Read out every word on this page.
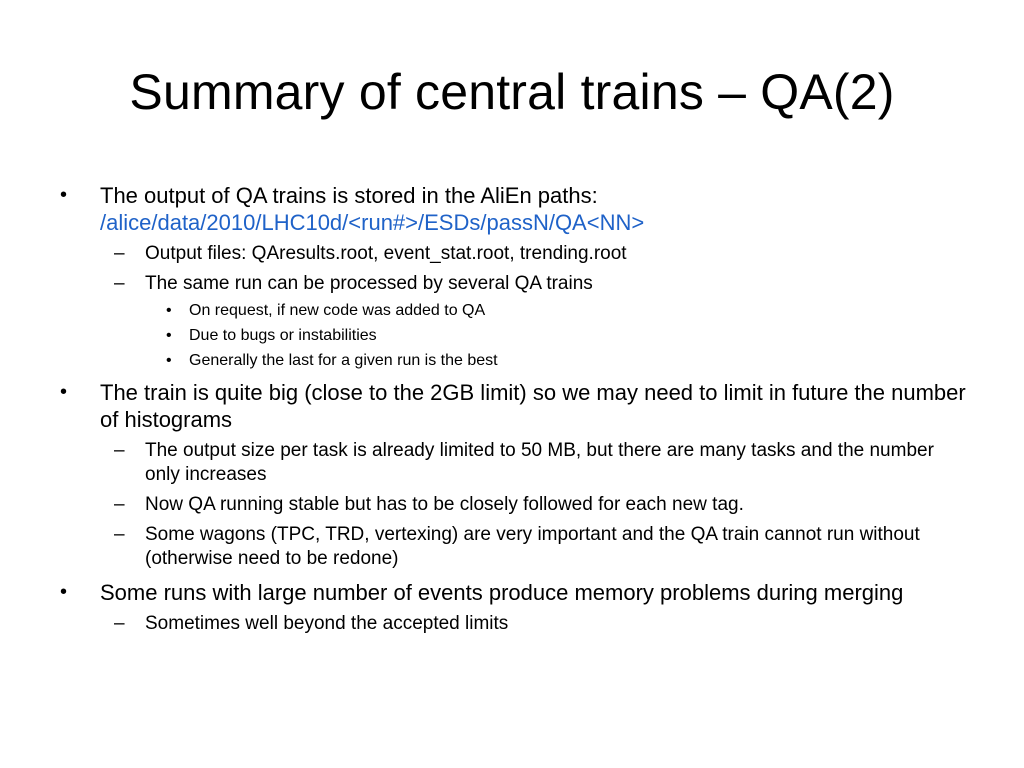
Summary of central trains – QA(2)
• The output of QA trains is stored in the AliEn paths:
/alice/data/2010/LHC10d/<run#>/ESDs/passN/QA<NN>
– Output files: QAresults.root, event_stat.root, trending.root
– The same run can be processed by several QA trains
• On request, if new code was added to QA
• Due to bugs or instabilities
• Generally the last for a given run is the best
• The train is quite big (close to the 2GB limit) so we may need to limit in future the number of histograms
– The output size per task is already limited to 50 MB, but there are many tasks and the number only increases
– Now QA running stable but has to be closely followed for each new tag.
– Some wagons (TPC, TRD, vertexing) are very important and the QA train cannot run without (otherwise need to be redone)
• Some runs with large number of events produce memory problems during merging
– Sometimes well beyond the accepted limits
